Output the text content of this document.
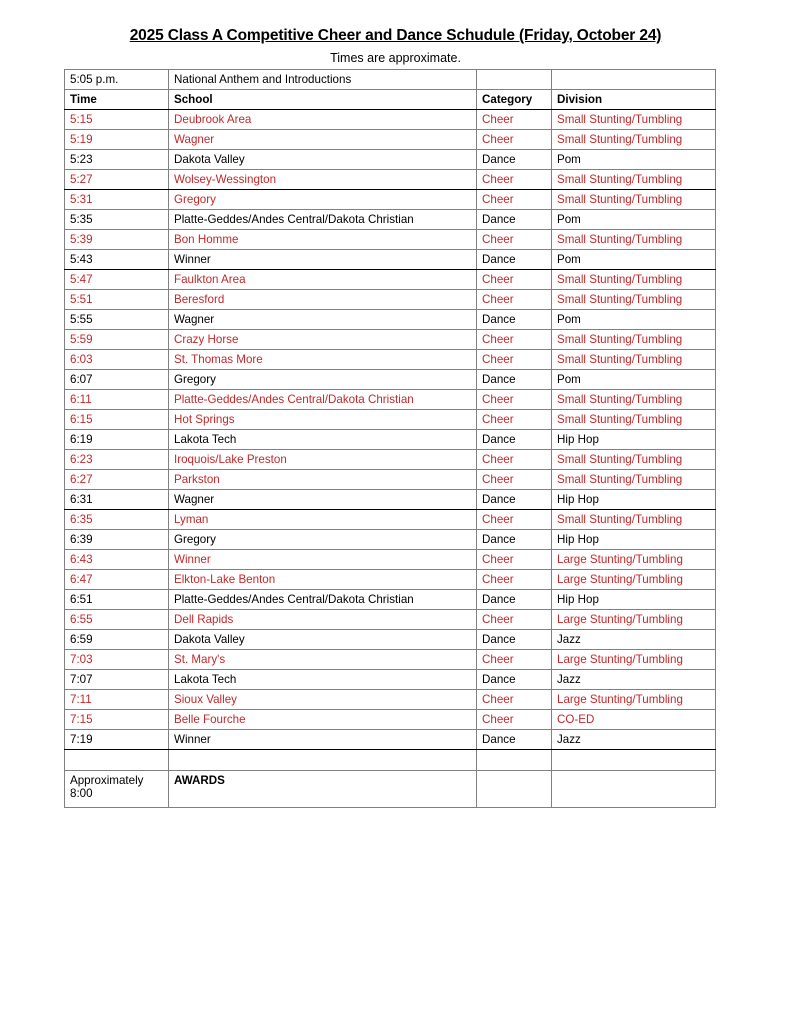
2025 Class A Competitive Cheer and Dance Schudule (Friday, October 24)
Times are approximate.
5:05 p.m.	National Anthem and Introductions		
Time	School	Category	Division
5:15	Deubrook Area	Cheer	Small Stunting/Tumbling
5:19	Wagner	Cheer	Small Stunting/Tumbling
5:23	Dakota Valley	Dance	Pom
5:27	Wolsey-Wessington	Cheer	Small Stunting/Tumbling
5:31	Gregory	Cheer	Small Stunting/Tumbling
5:35	Platte-Geddes/Andes Central/Dakota Christian	Dance	Pom
5:39	Bon Homme	Cheer	Small Stunting/Tumbling
5:43	Winner	Dance	Pom
5:47	Faulkton Area	Cheer	Small Stunting/Tumbling
5:51	Beresford	Cheer	Small Stunting/Tumbling
5:55	Wagner	Dance	Pom
5:59	Crazy Horse	Cheer	Small Stunting/Tumbling
6:03	St. Thomas More	Cheer	Small Stunting/Tumbling
6:07	Gregory	Dance	Pom
6:11	Platte-Geddes/Andes Central/Dakota Christian	Cheer	Small Stunting/Tumbling
6:15	Hot Springs	Cheer	Small Stunting/Tumbling
6:19	Lakota Tech	Dance	Hip Hop
6:23	Iroquois/Lake Preston	Cheer	Small Stunting/Tumbling
6:27	Parkston	Cheer	Small Stunting/Tumbling
6:31	Wagner	Dance	Hip Hop
6:35	Lyman	Cheer	Small Stunting/Tumbling
6:39	Gregory	Dance	Hip Hop
6:43	Winner	Cheer	Large Stunting/Tumbling
6:47	Elkton-Lake Benton	Cheer	Large Stunting/Tumbling
6:51	Platte-Geddes/Andes Central/Dakota Christian	Dance	Hip Hop
6:55	Dell Rapids	Cheer	Large Stunting/Tumbling
6:59	Dakota Valley	Dance	Jazz
7:03	St. Mary's	Cheer	Large Stunting/Tumbling
7:07	Lakota Tech	Dance	Jazz
7:11	Sioux Valley	Cheer	Large Stunting/Tumbling
7:15	Belle Fourche	Cheer	CO-ED
7:19	Winner	Dance	Jazz

Approximately
8:00	AWARDS		
